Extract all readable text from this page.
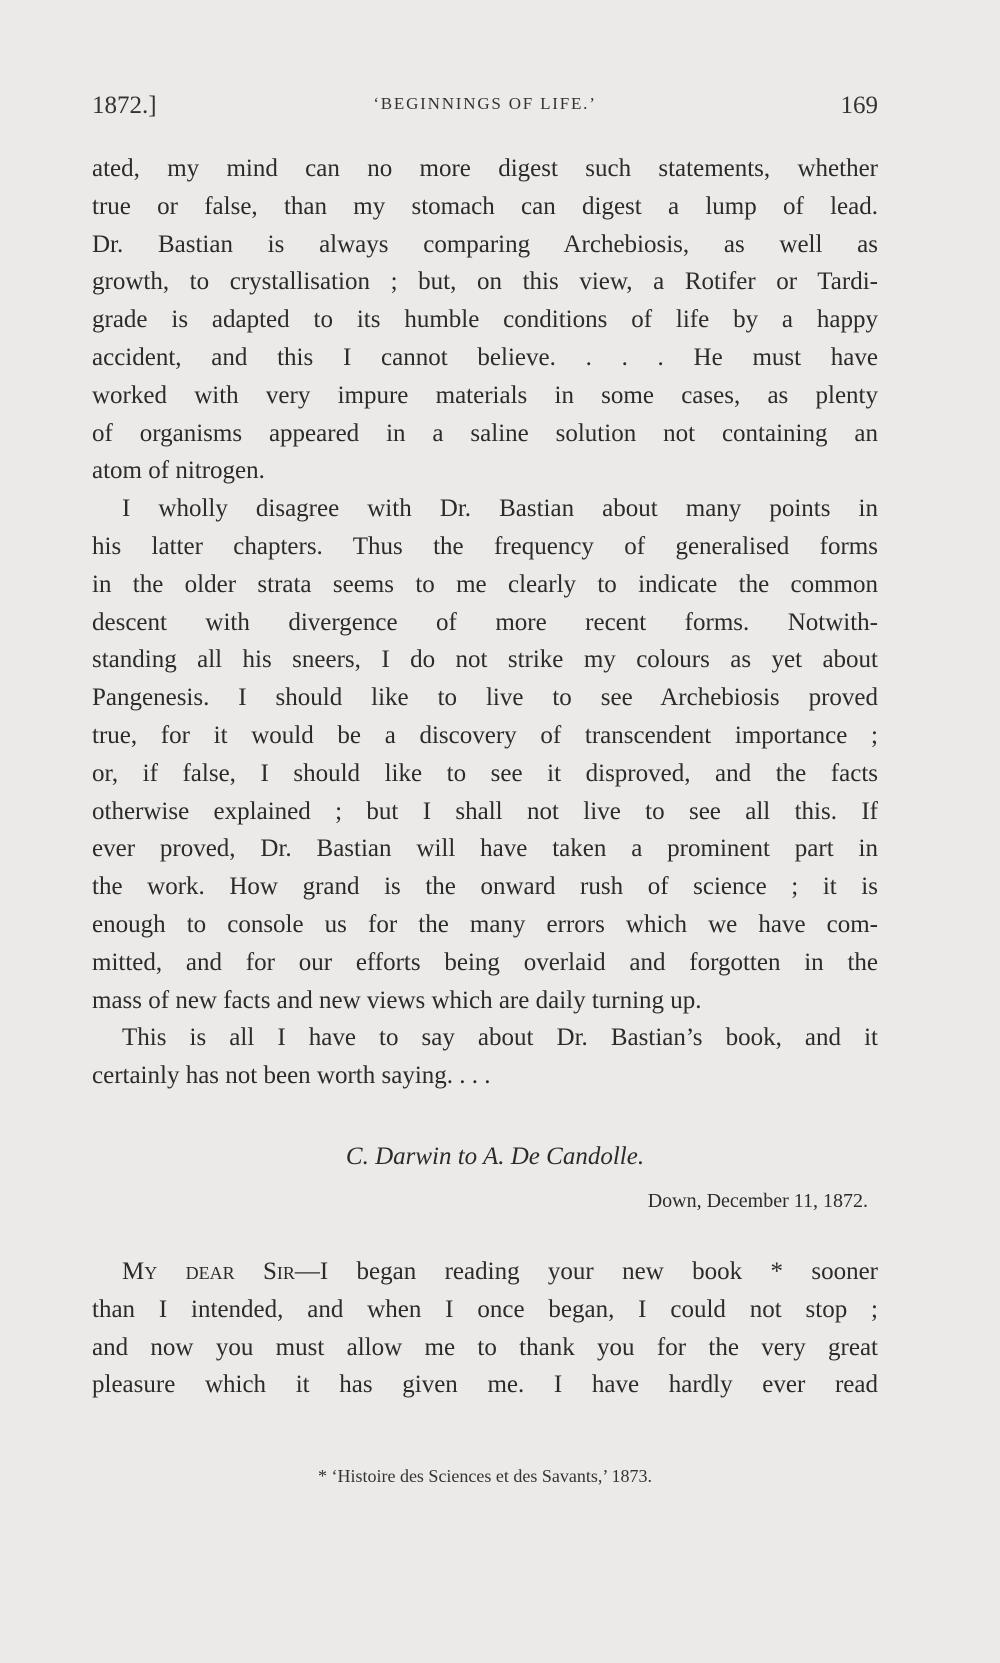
1872.]	‘BEGINNINGS OF LIFE.’	169

ated, my mind can no more digest such statements, whether

true or false, than my stomach can digest a lump of lead.

Dr. Bastian is always comparing Archebiosis, as well as

growth, to crystallisation ; but, on this view, a Rotifer or Tardi-

grade is adapted to its humble conditions of life by a happy

accident, and this I cannot believe. . . . He must have

worked with very impure materials in some cases, as plenty

of organisms appeared in a saline solution not containing an

atom of nitrogen.

I wholly disagree with Dr. Bastian about many points in

his latter chapters. Thus the frequency of generalised forms

in the older strata seems to me clearly to indicate the common

descent with divergence of more recent forms. Notwith-

standing all his sneers, I do not strike my colours as yet about

Pangenesis. I should like to live to see Archebiosis proved

true, for it would be a discovery of transcendent importance ;

or, if false, I should like to see it disproved, and the facts

otherwise explained ; but I shall not live to see all this. If

ever proved, Dr. Bastian will have taken a prominent part in

the work. How grand is the onward rush of science ; it is

enough to console us for the many errors which we have com-

mitted, and for our efforts being overlaid and forgotten in the

mass of new facts and new views which are daily turning up.

This is all I have to say about Dr. Bastian’s book, and it

certainly has not been worth saying. . . .

C. Darwin to A. De Candolle.

Down, December 11, 1872.

My dear Sir—I began reading your new book * sooner

than I intended, and when I once began, I could not stop ;

and now you must allow me to thank you for the very great

pleasure which it has given me. I have hardly ever read

* ‘Histoire des Sciences et des Savants,’ 1873.
